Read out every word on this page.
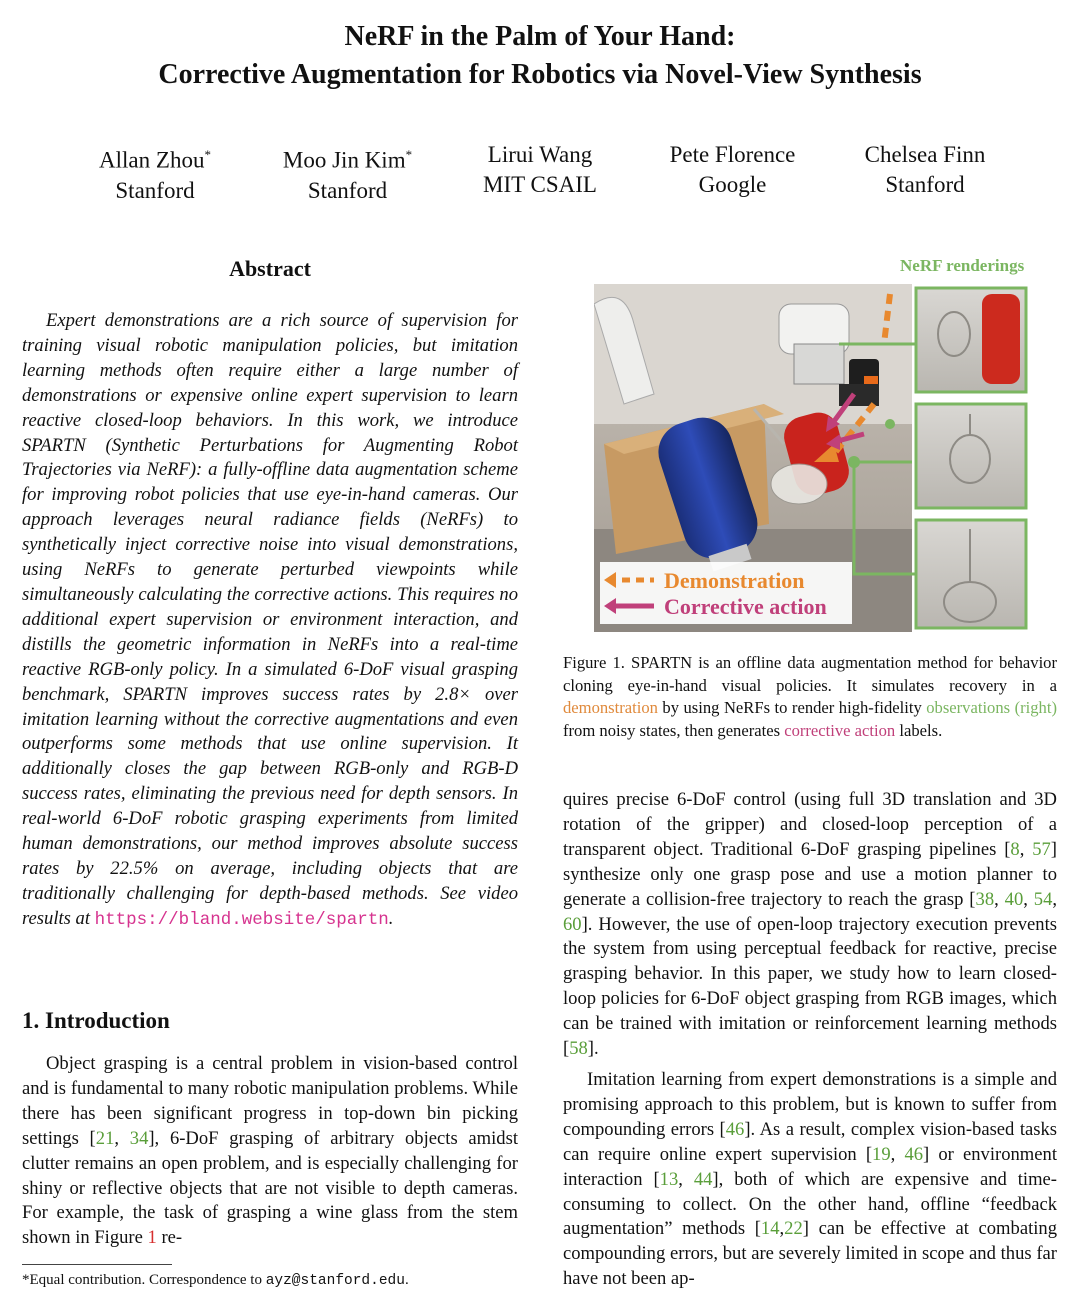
NeRF in the Palm of Your Hand:
Corrective Augmentation for Robotics via Novel-View Synthesis
Allan Zhou*
Stanford
Moo Jin Kim*
Stanford
Lirui Wang
MIT CSAIL
Pete Florence
Google
Chelsea Finn
Stanford
Abstract
Expert demonstrations are a rich source of supervision for training visual robotic manipulation policies, but imitation learning methods often require either a large number of demonstrations or expensive online expert supervision to learn reactive closed-loop behaviors. In this work, we introduce SPARTN (Synthetic Perturbations for Augmenting Robot Trajectories via NeRF): a fully-offline data augmentation scheme for improving robot policies that use eye-in-hand cameras. Our approach leverages neural radiance fields (NeRFs) to synthetically inject corrective noise into visual demonstrations, using NeRFs to generate perturbed viewpoints while simultaneously calculating the corrective actions. This requires no additional expert supervision or environment interaction, and distills the geometric information in NeRFs into a real-time reactive RGB-only policy. In a simulated 6-DoF visual grasping benchmark, SPARTN improves success rates by 2.8× over imitation learning without the corrective augmentations and even outperforms some methods that use online supervision. It additionally closes the gap between RGB-only and RGB-D success rates, eliminating the previous need for depth sensors. In real-world 6-DoF robotic grasping experiments from limited human demonstrations, our method improves absolute success rates by 22.5% on average, including objects that are traditionally challenging for depth-based methods. See video results at https://bland.website/spartn.
1. Introduction
Object grasping is a central problem in vision-based control and is fundamental to many robotic manipulation problems. While there has been significant progress in top-down bin picking settings [21, 34], 6-DoF grasping of arbitrary objects amidst clutter remains an open problem, and is especially challenging for shiny or reflective objects that are not visible to depth cameras. For example, the task of grasping a wine glass from the stem shown in Figure 1 re-
*Equal contribution. Correspondence to ayz@stanford.edu.
NeRF renderings
Demonstration
Corrective action
Figure 1. SPARTN is an offline data augmentation method for behavior cloning eye-in-hand visual policies. It simulates recovery in a demonstration by using NeRFs to render high-fidelity observations (right) from noisy states, then generates corrective action labels.
quires precise 6-DoF control (using full 3D translation and 3D rotation of the gripper) and closed-loop perception of a transparent object. Traditional 6-DoF grasping pipelines [8, 57] synthesize only one grasp pose and use a motion planner to generate a collision-free trajectory to reach the grasp [38, 40, 54, 60]. However, the use of open-loop trajectory execution prevents the system from using perceptual feedback for reactive, precise grasping behavior. In this paper, we study how to learn closed-loop policies for 6-DoF object grasping from RGB images, which can be trained with imitation or reinforcement learning methods [58].
Imitation learning from expert demonstrations is a simple and promising approach to this problem, but is known to suffer from compounding errors [46]. As a result, complex vision-based tasks can require online expert supervision [19, 46] or environment interaction [13, 44], both of which are expensive and time-consuming to collect. On the other hand, offline “feedback augmentation” methods [14,22] can be effective at combating compounding errors, but are severely limited in scope and thus far have not been ap-
